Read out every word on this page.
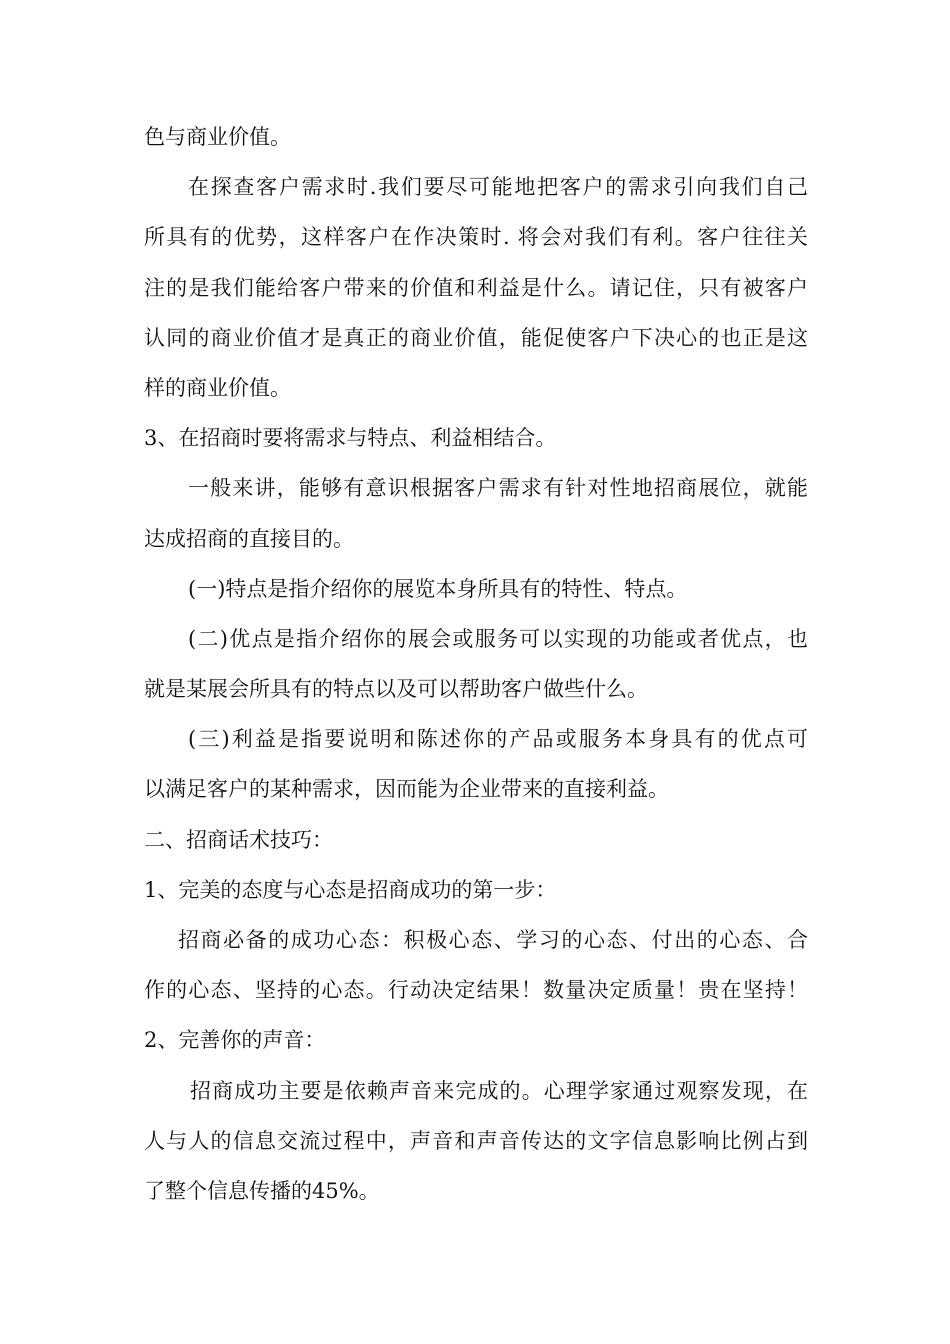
色与商业价值。
在探查客户需求时.我们要尽可能地把客户的需求引向我们自己
所具有的优势，这样客户在作决策时. 将会对我们有利。客户往往关
注的是我们能给客户带来的价值和利益是什么。请记住，只有被客户
认同的商业价值才是真正的商业价值，能促使客户下决心的也正是这
样的商业价值。
3、在招商时要将需求与特点、利益相结合。
一般来讲，能够有意识根据客户需求有针对性地招商展位，就能
达成招商的直接目的。
(一)特点是指介绍你的展览本身所具有的特性、特点。
(二)优点是指介绍你的展会或服务可以实现的功能或者优点，也
就是某展会所具有的特点以及可以帮助客户做些什么。
(三)利益是指要说明和陈述你的产品或服务本身具有的优点可
以满足客户的某种需求，因而能为企业带来的直接利益。
二、招商话术技巧：
1、完美的态度与心态是招商成功的第一步：
招商必备的成功心态：积极心态、学习的心态、付出的心态、合
作的心态、坚持的心态。行动决定结果！数量决定质量！贵在坚持！
2、完善你的声音：
招商成功主要是依赖声音来完成的。心理学家通过观察发现，在
人与人的信息交流过程中，声音和声音传达的文字信息影响比例占到
了整个信息传播的45%。
